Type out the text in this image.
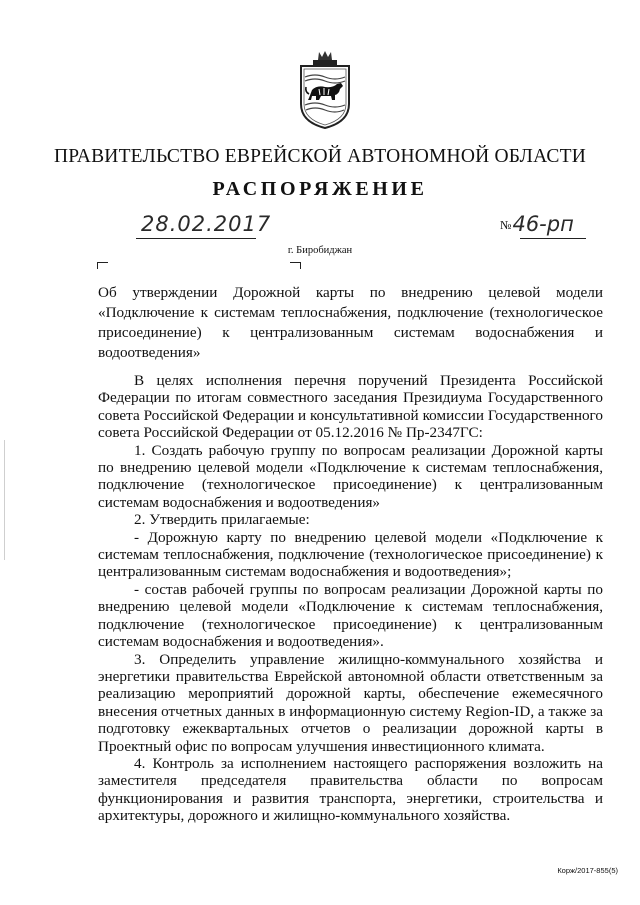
ПРАВИТЕЛЬСТВО ЕВРЕЙСКОЙ АВТОНОМНОЙ ОБЛАСТИ
РАСПОРЯЖЕНИЕ
28.02.2017	№46-рп
г. Биробиджан
Об утверждении Дорожной карты по внедрению целевой модели «Подключение к системам теплоснабжения, подключение (технологическое присоединение) к централизованным системам водоснабжения и водоотведения»

В целях исполнения перечня поручений Президента Российской Федерации по итогам совместного заседания Президиума Государственного совета Российской Федерации и консультативной комиссии Государственного совета Российской Федерации от 05.12.2016 № Пр-2347ГС:

1. Создать рабочую группу по вопросам реализации Дорожной карты по внедрению целевой модели «Подключение к системам теплоснабжения, подключение (технологическое присоединение) к централизованным системам водоснабжения и водоотведения»

2. Утвердить прилагаемые:

- Дорожную карту по внедрению целевой модели «Подключение к системам теплоснабжения, подключение (технологическое присоединение) к централизованным системам водоснабжения и водоотведения»;

- состав рабочей группы по вопросам реализации Дорожной карты по внедрению целевой модели «Подключение к системам теплоснабжения, подключение (технологическое присоединение) к централизованным системам водоснабжения и водоотведения».

3. Определить управление жилищно-коммунального хозяйства и энергетики правительства Еврейской автономной области ответственным за реализацию мероприятий дорожной карты, обеспечение ежемесячного внесения отчетных данных в информационную систему Region-ID, а также за подготовку ежеквартальных отчетов о реализации дорожной карты в Проектный офис по вопросам улучшения инвестиционного климата.

4. Контроль за исполнением настоящего распоряжения возложить на заместителя председателя правительства области по вопросам функционирования и развития транспорта, энергетики, строительства и архитектуры, дорожного и жилищно-коммунального хозяйства.

Корж/2017-855(5)
